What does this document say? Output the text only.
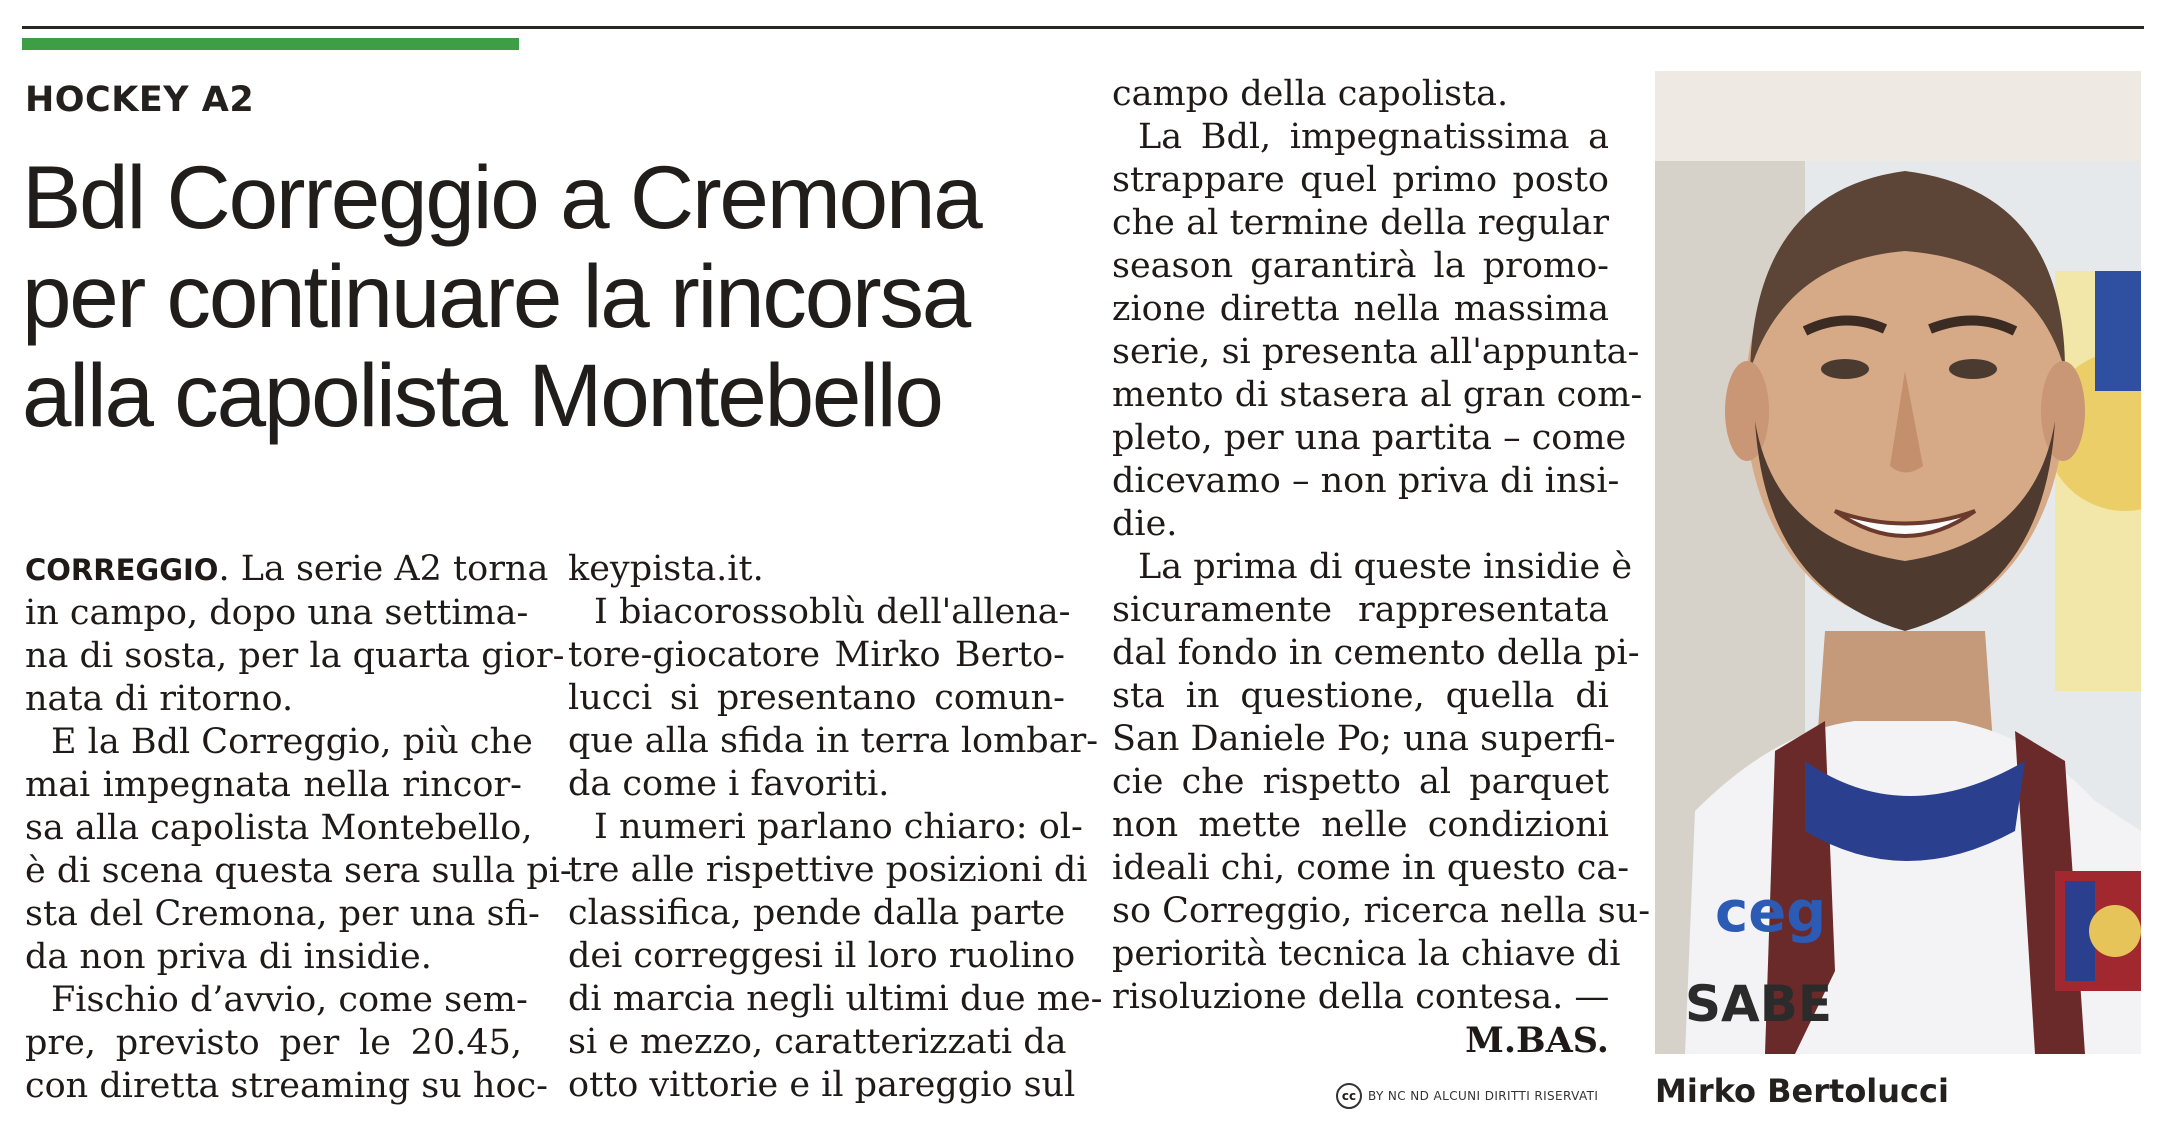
HOCKEY A2
Bdl Correggio a Cremona
per continuare la rincorsa
alla capolista Montebello
CORREGGIO. La serie A2 torna
in campo, dopo una settima-
na di sosta, per la quarta gior-
nata di ritorno.
E la Bdl Correggio, più che
mai impegnata nella rincor-
sa alla capolista Montebello,
è di scena questa sera sulla pi-
sta del Cremona, per una sfi-
da non priva di insidie.
Fischio d’avvio, come sem-
pre, previsto per le 20.45,
con diretta streaming su hoc-
keypista.it.
I biacorossoblù dell'allena-
tore-giocatore Mirko Berto-
lucci si presentano comun-
que alla sfida in terra lombar-
da come i favoriti.
I numeri parlano chiaro: ol-
tre alle rispettive posizioni di
classifica, pende dalla parte
dei correggesi il loro ruolino
di marcia negli ultimi due me-
si e mezzo, caratterizzati da
otto vittorie e il pareggio sul
campo della capolista.
La Bdl, impegnatissima a
strappare quel primo posto
che al termine della regular
season garantirà la promo-
zione diretta nella massima
serie, si presenta all'appunta-
mento di stasera al gran com-
pleto, per una partita – come
dicevamo – non priva di insi-
die.
La prima di queste insidie è
sicuramente rappresentata
dal fondo in cemento della pi-
sta in questione, quella di
San Daniele Po; una superfi-
cie che rispetto al parquet
non mette nelle condizioni
ideali chi, come in questo ca-
so Correggio, ricerca nella su-
periorità tecnica la chiave di
risoluzione della contesa. —
M.BAS.
cc BY NC ND ALCUNI DIRITTI RISERVATI
ceg
SABE
Mirko Bertolucci
